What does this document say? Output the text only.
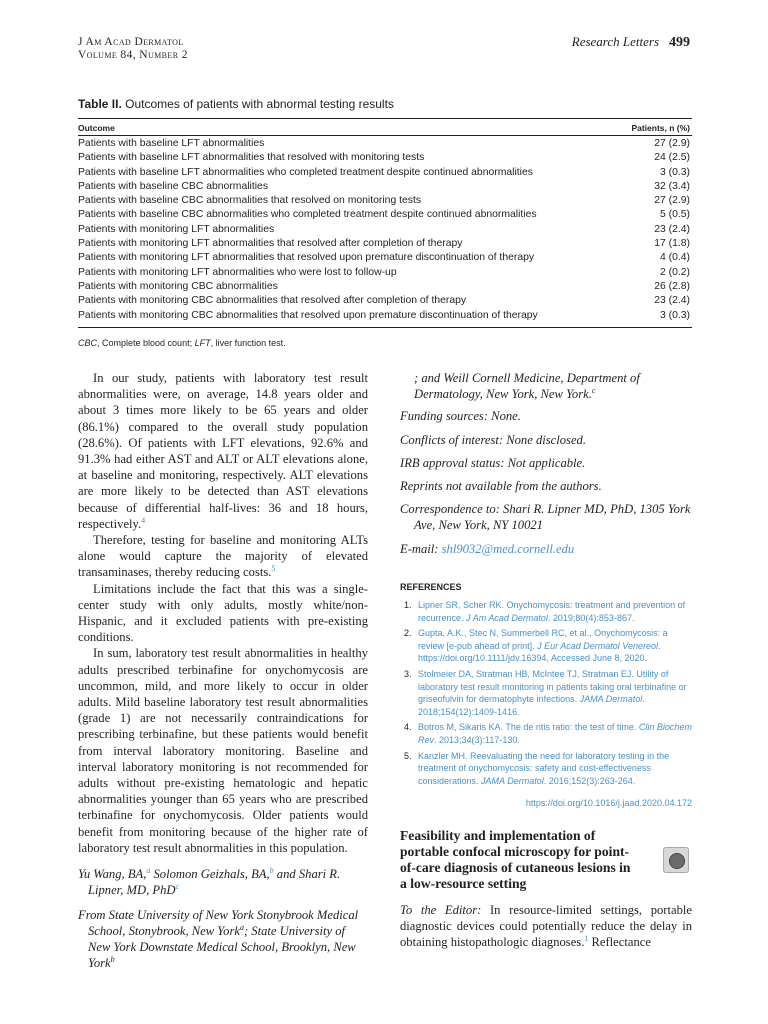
J Am Acad Dermatol
Volume 84, Number 2
Research Letters 499
Table II. Outcomes of patients with abnormal testing results
Outcome	Patients, n (%)
Patients with baseline LFT abnormalities	27 (2.9)
Patients with baseline LFT abnormalities that resolved with monitoring tests	24 (2.5)
Patients with baseline LFT abnormalities who completed treatment despite continued abnormalities	3 (0.3)
Patients with baseline CBC abnormalities	32 (3.4)
Patients with baseline CBC abnormalities that resolved on monitoring tests	27 (2.9)
Patients with baseline CBC abnormalities who completed treatment despite continued abnormalities	5 (0.5)
Patients with monitoring LFT abnormalities	23 (2.4)
Patients with monitoring LFT abnormalities that resolved after completion of therapy	17 (1.8)
Patients with monitoring LFT abnormalities that resolved upon premature discontinuation of therapy	4 (0.4)
Patients with monitoring LFT abnormalities who were lost to follow-up	2 (0.2)
Patients with monitoring CBC abnormalities	26 (2.8)
Patients with monitoring CBC abnormalities that resolved after completion of therapy	23 (2.4)
Patients with monitoring CBC abnormalities that resolved upon premature discontinuation of therapy	3 (0.3)
CBC, Complete blood count; LFT, liver function test.

In our study, patients with laboratory test result abnormalities were, on average, 14.8 years older and about 3 times more likely to be 65 years and older (86.1%) compared to the overall study population (28.6%). Of patients with LFT elevations, 92.6% and 91.3% had either AST and ALT or ALT elevations alone, at baseline and monitoring, respectively. ALT elevations are more likely to be detected than AST elevations because of differential half-lives: 36 and 18 hours, respectively.$^4$

Therefore, testing for baseline and monitoring ALTs alone would capture the majority of elevated transaminases, thereby reducing costs.$^5$

Limitations include the fact that this was a single-center study with only adults, mostly white/non-Hispanic, and it excluded patients with pre-existing conditions.

In sum, laboratory test result abnormalities in healthy adults prescribed terbinafine for onychomycosis are uncommon, mild, and more likely to occur in older adults. Mild baseline laboratory test result abnormalities (grade 1) are not necessarily contraindications for prescribing terbinafine, but these patients would benefit from interval laboratory monitoring. Baseline and interval laboratory monitoring is not recommended for adults without pre-existing hematologic and hepatic abnormalities younger than 65 years who are prescribed terbinafine for onychomycosis. Older patients would benefit from monitoring because of the higher rate of laboratory test result abnormalities in this population.

Yu Wang, BA,$^a$ Solomon Geizhals, BA,$^b$ and Shari R. Lipner, MD, PhD$^c$

From State University of New York Stonybrook Medical School, Stonybrook, New York$^a$; State University of New York Downstate Medical School, Brooklyn, New York$^b$

; and Weill Cornell Medicine, Department of Dermatology, New York, New York.$^c$
Funding sources: None.
Conflicts of interest: None disclosed.
IRB approval status: Not applicable.
Reprints not available from the authors.
Correspondence to: Shari R. Lipner MD, PhD, 1305 York Ave, New York, NY 10021
E-mail: shl9032@med.cornell.edu
REFERENCES
1. Lipner SR, Scher RK. Onychomycosis: treatment and prevention of recurrence. J Am Acad Dermatol. 2019;80(4):853-867.
2. Gupta, A.K., Stec N, Summerbell RC, et al., Onychomycosis: a review [e-pub ahead of print]. J Eur Acad Dermatol Venereol. https://doi.org/10.1111/jdv.16394, Accessed June 8, 2020.
3. Stolmeier DA, Stratman HB, McIntee TJ, Stratman EJ. Utility of laboratory test result monitoring in patients taking oral terbinafine or griseofulvin for dermatophyte infections. JAMA Dermatol. 2018;154(12):1409-1416.
4. Botros M, Sikaris KA. The de ritis ratio: the test of time. Clin Biochem Rev. 2013;34(3):117-130.
5. Kanzler MH. Reevaluating the need for laboratory testing in the treatment of onychomycosis: safety and cost-effectiveness considerations. JAMA Dermatol. 2016;152(3):263-264.
https://doi.org/10.1016/j.jaad.2020.04.172
Feasibility and implementation of portable confocal microscopy for point-of-care diagnosis of cutaneous lesions in a low-resource setting
To the Editor: In resource-limited settings, portable diagnostic devices could potentially reduce the delay in obtaining histopathologic diagnoses.$^1$ Reflectance
